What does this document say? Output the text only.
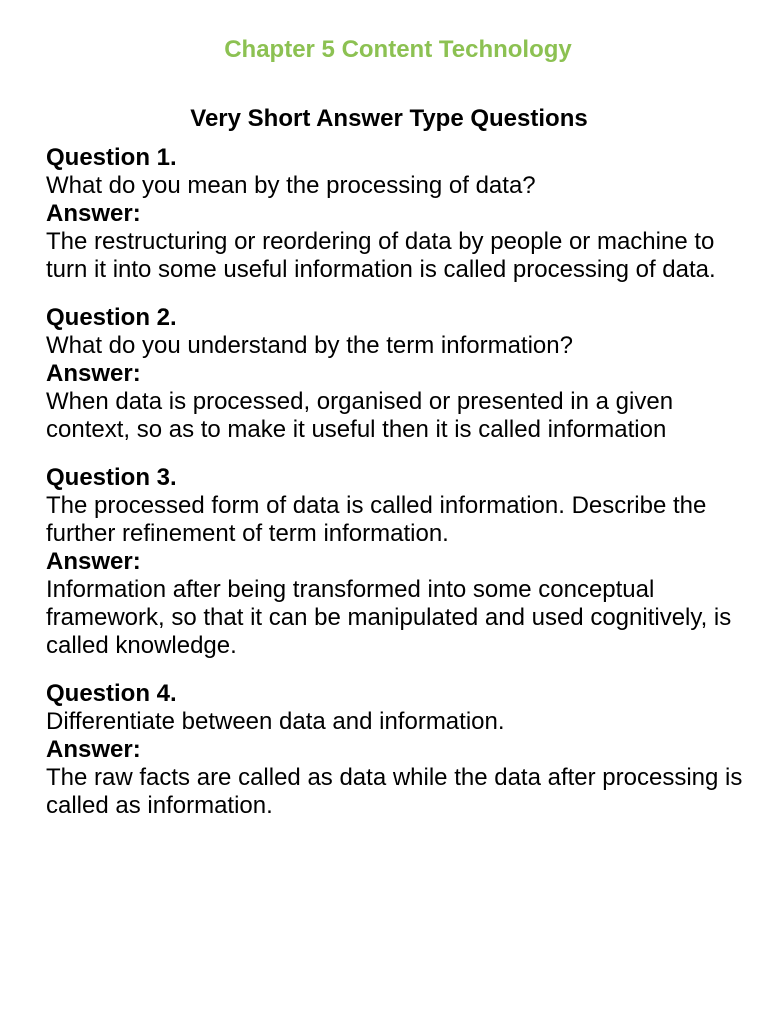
Chapter 5 Content Technology
Very Short Answer Type Questions

Question 1.

What do you mean by the processing of data?

Answer:

The restructuring or reordering of data by people or machine to turn it into some useful information is called processing of data.

Question 2.

What do you understand by the term information?

Answer:

When data is processed, organised or presented in a given context, so as to make it useful then it is called information

Question 3.

The processed form of data is called information. Describe the further refinement of term information.

Answer:

Information after being transformed into some conceptual framework, so that it can be manipulated and used cognitively, is called knowledge.

Question 4.

Differentiate between data and information.

Answer:

The raw facts are called as data while the data after processing is called as information.
